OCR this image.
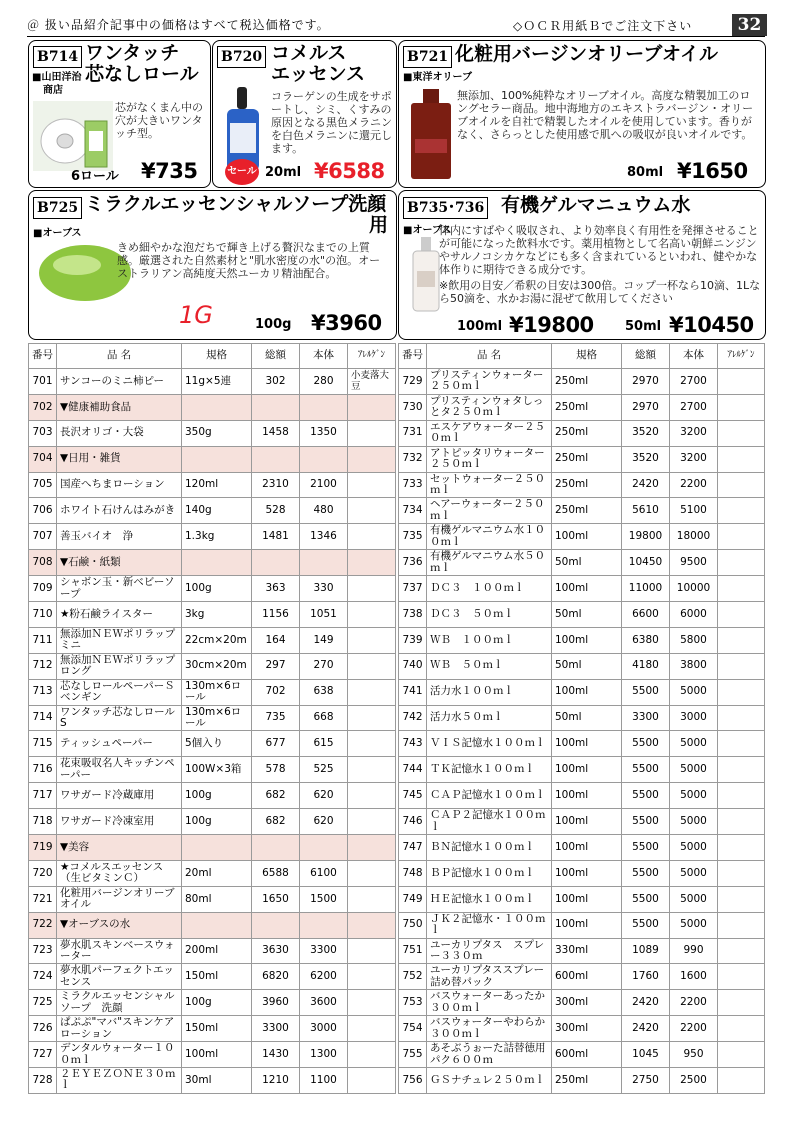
＠ 扱い品紹介記事中の価格はすべて税込価格です。	◇ＯＣＲ用紙Ｂでご注文下さい	32
B714 ワンタッチ
芯なしロール
■山田洋治
商店
芯がなくまん中の穴が大きいワンタッチ型。
6ロール ¥735
B720 コメルス
エッセンス
セール
コラーゲンの生成をサポートし、シミ、くすみの原因となる黒色メラニンを白色メラニンに還元します。
20ml ¥6588
B721 化粧用バージンオリーブオイル
■東洋オリーブ
無添加、100%純粋なオリーブオイル。高度な精製加工のロングセラー商品。地中海地方のエキストラバージン・オリーブオイルを自社で精製したオイルを使用しています。香りがなく、さらっとした使用感で肌への吸収が良いオイルです。
80ml ¥1650
B725 ミラクルエッセンシャルソープ洗顔
用
■オーブス
きめ細やかな泡だちで輝き上げる贅沢なまでの上質感。厳選された自然素材と"肌水密度の水"の泡。オーストラリアン高純度天然ユーカリ精油配合。
1G	100g ¥3960
B735･736 有機ゲルマニュウム水
■オーブス
体内にすばやく吸収され、より効率良く有用性を発揮させることが可能になった飲料水です。薬用植物として名高い朝鮮ニンジンやサルノコシカケなどにも多く含まれているといわれ、健やかな体作りに期待できる成分です。
※飲用の目安／希釈の目安は300倍。コップ一杯なら10滴、1Lなら50滴を、水かお湯に混ぜて飲用してください
100ml ¥19800 50ml ¥10450
番号	品 名	規格	総額	本体	ｱﾚﾙｹﾞﾝ
701	サンコーのミニ柿ピー	11g×5連	302	280	小麦落大豆
702	▼健康補助食品				
703	長沢オリゴ・大袋	350g	1458	1350	
704	▼日用・雑貨				
705	国産へちまローション	120ml	2310	2100	
706	ホワイト石けんはみがき	140g	528	480	
707	善玉バイオ　浄	1.3kg	1481	1346	
708	▼石鹸・紙類				
709	シャボン玉・新ベビーソープ	100g	363	330	
710	★粉石鹸ライスター	3kg	1156	1051	
711	無添加ＮＥＷポリラップミニ	22cm×20m	164	149	
712	無添加ＮＥＷポリラップロング	30cm×20m	297	270	
713	芯なしロールペーパーＳ　ベンギン	130m×6ロール	702	638	
714	ワンタッチ芯なしロールS	130m×6ロール	735	668	
715	ティッシュペーパー	5個入り	677	615	
716	花束吸収名人キッチンペーパー	100W×3箱	578	525	
717	ワサガード冷蔵庫用	100g	682	620	
718	ワサガード冷凍室用	100g	682	620	
719	▼美容				
720	★コメルスエッセンス（生ビタミンＣ）	20ml	6588	6100	
721	化粧用バージンオリーブオイル	80ml	1650	1500	
722	▼オーブスの水				
723	夢水肌スキンベースウォーター	200ml	3630	3300	
724	夢水肌パーフェクトエッセンス	150ml	6820	6200	
725	ミラクルエッセンシャルソープ　洗顔	100g	3960	3600	
726	ぱぷぷ"マバ"スキンケアローション	150ml	3300	3000	
727	デンタルウォーター１００ｍｌ	100ml	1430	1300	
728	２ＥＹＥＺＯＮＥ３０ｍｌ	30ml	1210	1100	
番号	品 名	規格	総額	本体	ｱﾚﾙｹﾞﾝ
729	プリスティンウォーター２５０ｍｌ	250ml	2970	2700	
730	プリスティンウォタしっとタ２５０ｍｌ	250ml	2970	2700	
731	エスケアウォーター２５０ｍｌ	250ml	3520	3200	
732	アトピッタリウォーター２５０ｍｌ	250ml	3520	3200	
733	セットウォーター２５０ｍｌ	250ml	2420	2200	
734	ヘアーウォーター２５０ｍｌ	250ml	5610	5100	
735	有機ゲルマニウム水１００ｍｌ	100ml	19800	18000	
736	有機ゲルマニウム水５０ｍｌ	50ml	10450	9500	
737	ＤＣ３　１００ｍｌ	100ml	11000	10000	
738	ＤＣ３　５０ｍｌ	50ml	6600	6000	
739	ＷＢ　１００ｍｌ	100ml	6380	5800	
740	ＷＢ　５０ｍｌ	50ml	4180	3800	
741	活力水１００ｍｌ	100ml	5500	5000	
742	活力水５０ｍｌ	50ml	3300	3000	
743	ＶＩＳ記憶水１００ｍｌ	100ml	5500	5000	
744	ＴＫ記憶水１００ｍｌ	100ml	5500	5000	
745	ＣＡＰ記憶水１００ｍｌ	100ml	5500	5000	
746	ＣＡＰ２記憶水１００ｍｌ	100ml	5500	5000	
747	ＢＮ記憶水１００ｍｌ	100ml	5500	5000	
748	ＢＰ記憶水１００ｍｌ	100ml	5500	5000	
749	ＨＥ記憶水１００ｍｌ	100ml	5500	5000	
750	ＪＫ２記憶水・１００ｍｌ	100ml	5500	5000	
751	ユーカリプタス　スプレー３３０ｍ	330ml	1089	990	
752	ユーカリプタススプレー詰め替パック	600ml	1760	1600	
753	バスウォーターあったか３００ｍｌ	300ml	2420	2200	
754	バスウォーターやわらか３００ｍｌ	300ml	2420	2200	
755	あそぶうぉーた詰替徳用パク６００ｍ	600ml	1045	950	
756	ＧＳナチュレ２５０ｍｌ	250ml	2750	2500	
